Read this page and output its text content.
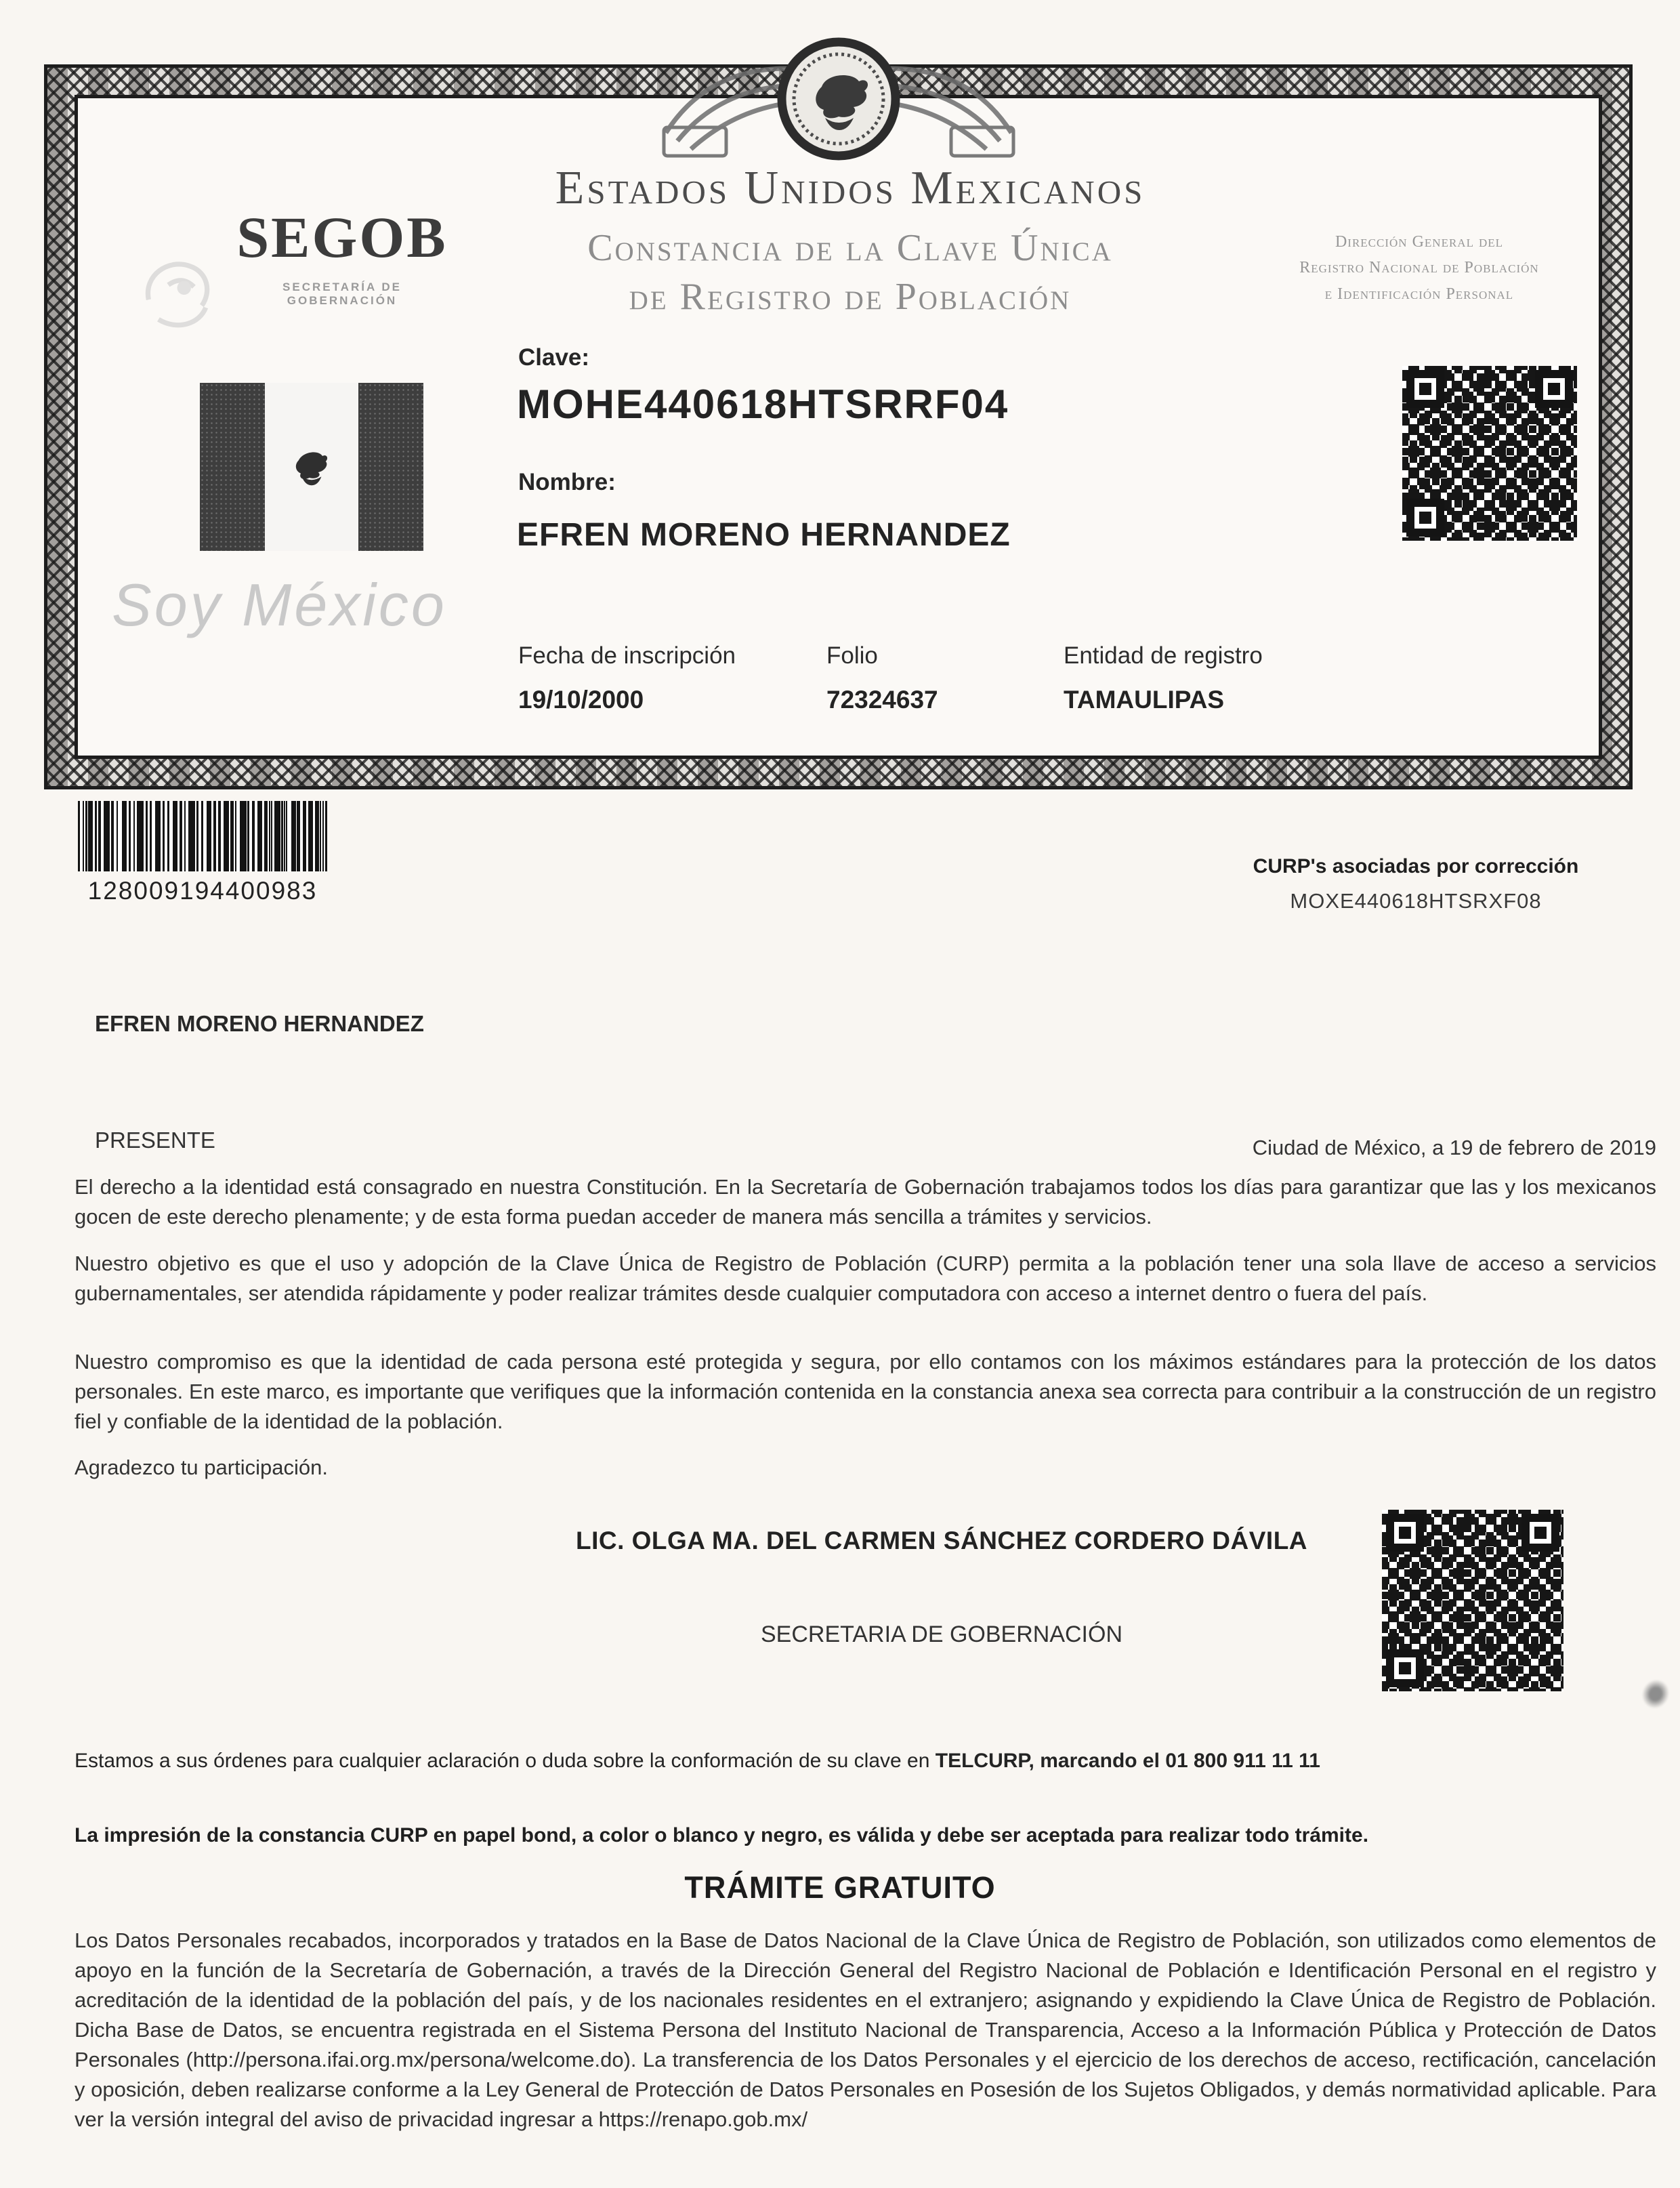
SEGOB
SECRETARÍA DE GOBERNACIÓN
Estados Unidos Mexicanos
Constancia de la Clave Única
de Registro de Población
Dirección General del
Registro Nacional de Población
e Identificación Personal
Clave:
MOHE440618HTSRRF04
Nombre:
EFREN MORENO HERNANDEZ
Soy México
Fecha de inscripción	Folio	Entidad de registro
19/10/2000	72324637	TAMAULIPAS
128009194400983
CURP's asociadas por corrección
MOXE440618HTSRXF08
EFREN MORENO HERNANDEZ
PRESENTE	Ciudad de México, a 19 de febrero de 2019
El derecho a la identidad está consagrado en nuestra Constitución. En la Secretaría de Gobernación trabajamos todos los días para garantizar que las y los mexicanos gocen de este derecho plenamente; y de esta forma puedan acceder de manera más sencilla a trámites y servicios.
Nuestro objetivo es que el uso y adopción de la Clave Única de Registro de Población (CURP) permita a la población tener una sola llave de acceso a servicios gubernamentales, ser atendida rápidamente y poder realizar trámites desde cualquier computadora con acceso a internet dentro o fuera del país.
Nuestro compromiso es que la identidad de cada persona esté protegida y segura, por ello contamos con los máximos estándares para la protección de los datos personales. En este marco, es importante que verifiques que la información contenida en la constancia anexa sea correcta para contribuir a la construcción de un registro fiel y confiable de la identidad de la población.
Agradezco tu participación.
LIC. OLGA MA. DEL CARMEN SÁNCHEZ CORDERO DÁVILA
SECRETARIA DE GOBERNACIÓN
Estamos a sus órdenes para cualquier aclaración o duda sobre la conformación de su clave en TELCURP, marcando el 01 800 911 11 11
La impresión de la constancia CURP en papel bond, a color o blanco y negro, es válida y debe ser aceptada para realizar todo trámite.
TRÁMITE GRATUITO
Los Datos Personales recabados, incorporados y tratados en la Base de Datos Nacional de la Clave Única de Registro de Población, son utilizados como elementos de apoyo en la función de la Secretaría de Gobernación, a través de la Dirección General del Registro Nacional de Población e Identificación Personal en el registro y acreditación de la identidad de la población del país, y de los nacionales residentes en el extranjero; asignando y expidiendo la Clave Única de Registro de Población. Dicha Base de Datos, se encuentra registrada en el Sistema Persona del Instituto Nacional de Transparencia, Acceso a la Información Pública y Protección de Datos Personales (http://persona.ifai.org.mx/persona/welcome.do). La transferencia de los Datos Personales y el ejercicio de los derechos de acceso, rectificación, cancelación y oposición, deben realizarse conforme a la Ley General de Protección de Datos Personales en Posesión de los Sujetos Obligados, y demás normatividad aplicable. Para ver la versión integral del aviso de privacidad ingresar a https://renapo.gob.mx/
